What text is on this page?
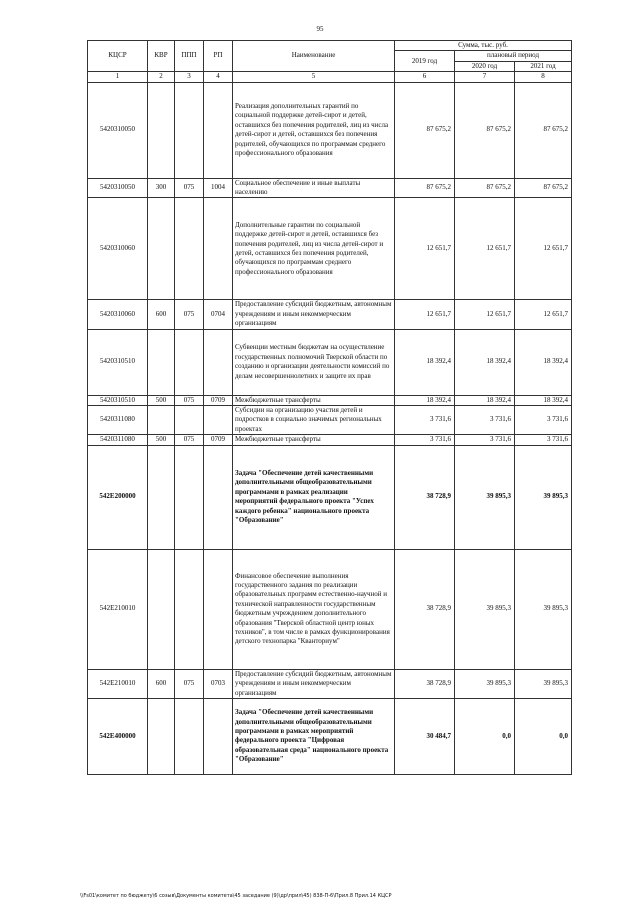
95
КЦСР	КВР	ППП	РП	Наименование	Сумма, тыс. руб.		
					2019 год	плановый период	
						2020 год	2021 год
1	2	3	4	5	6	7	8
5420310050				Реализация дополнительных гарантий по социальной поддержке детей-сирот и детей, оставшихся без попечения родителей, лиц из числа детей-сирот и детей, оставшихся без попечения родителей, обучающихся по программам среднего профессионального образования	87 675,2	87 675,2	87 675,2
5420310050	300	075	1004	Социальное обеспечение и иные выплаты населению	87 675,2	87 675,2	87 675,2
5420310060				Дополнительные гарантии по социальной поддержке детей-сирот и детей, оставшихся без попечения родителей, лиц из числа детей-сирот и детей, оставшихся без попечения родителей, обучающихся по программам среднего профессионального образования	12 651,7	12 651,7	12 651,7
5420310060	600	075	0704	Предоставление субсидий бюджетным, автономным учреждениям и иным некоммерческим организациям	12 651,7	12 651,7	12 651,7
5420310510				Субвенции местным бюджетам на осуществление государственных полномочий Тверской области по созданию и организации деятельности комиссий по делам несовершеннолетних и защите их прав	18 392,4	18 392,4	18 392,4
5420310510	500	075	0709	Межбюджетные трансферты	18 392,4	18 392,4	18 392,4
5420311080				Субсидии на организацию участия детей и подростков в социально значимых региональных проектах	3 731,6	3 731,6	3 731,6
5420311080	500	075	0709	Межбюджетные трансферты	3 731,6	3 731,6	3 731,6
542E200000				Задача "Обеспечение детей качественными дополнительными общеобразовательными программами в рамках реализации мероприятий федерального проекта "Успех каждого ребенка" национального проекта "Образование"	38 728,9	39 895,3	39 895,3
542E210010				Финансовое обеспечение выполнения государственного задания по реализации образовательных программ естественно-научной и технической направленности государственным бюджетным учреждением дополнительного образования "Тверской областной центр юных техников", в том числе в рамках функционирования детского технопарка "Кванториум"	38 728,9	39 895,3	39 895,3
542E210010	600	075	0703	Предоставление субсидий бюджетным, автономным учреждениям и иным некоммерческим организациям	38 728,9	39 895,3	39 895,3
542E400000				Задача "Обеспечение детей качественными дополнительными общеобразовательными программами в рамках мероприятий федерального проекта "Цифровая образовательная среда" национального проекта "Образование"	30 484,7	0,0	0,0
\\Fs01\комитет по бюджету\6 созыв\Документы комитета\45 заседание (9)\др\прил\45) 838-П-6\Прил.8 Прил.14 КЦСР
